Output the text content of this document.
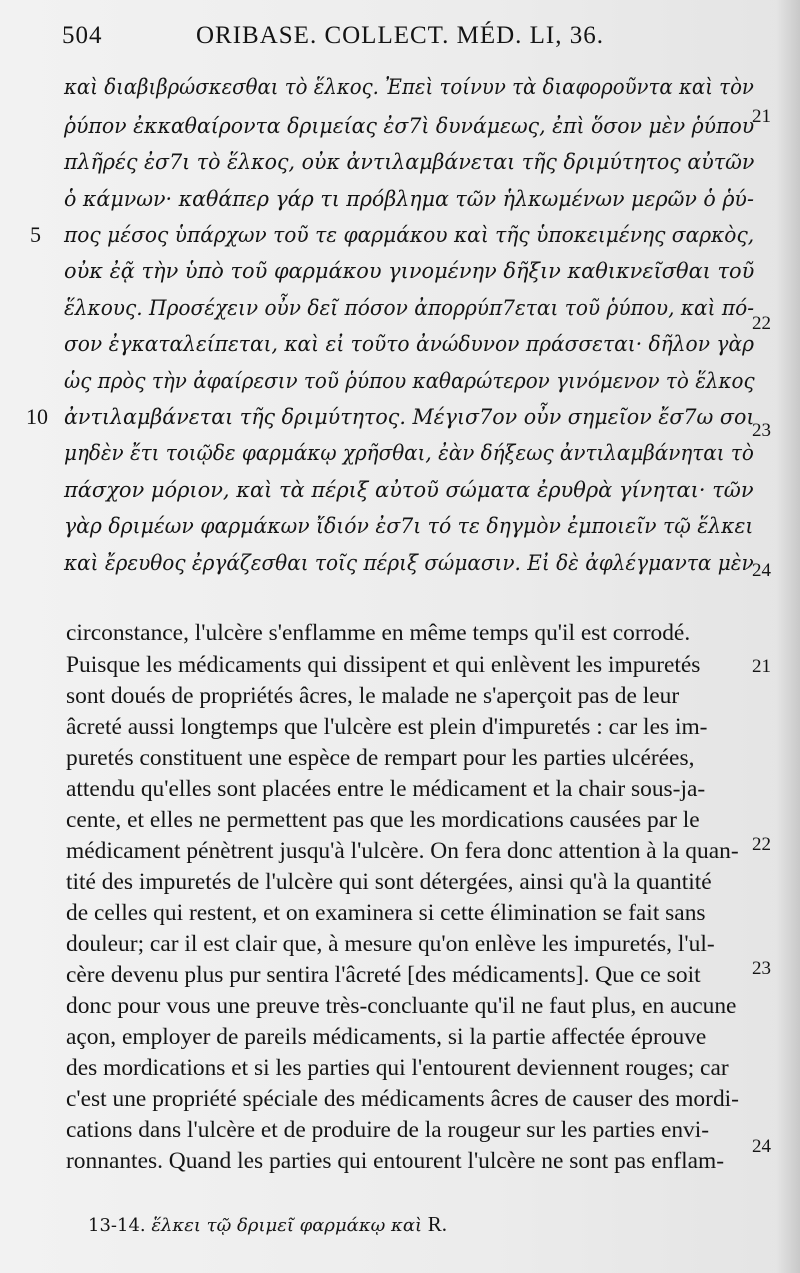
504	ORIBASE. COLLECT. MÉD. LI, 36.
καὶ διαβιβρώσκεσθαι τὸ ἕλκος. Ἐπεὶ τοίνυν τὰ διαφοροῦντα καὶ τὸν
ῥύπον ἐκκαθαίροντα δριμείας ἐσ7ὶ δυνάμεως, ἐπὶ ὅσον μὲν ῥύπου
πλῆρές ἐσ7ι τὸ ἕλκος, οὐκ ἀντιλαμβάνεται τῆς δριμύτητος αὐτῶν
ὁ κάμνων· καθάπερ γάρ τι πρόβλημα τῶν ἡλκωμένων μερῶν ὁ ῥύ-
πος μέσος ὑπάρχων τοῦ τε φαρμάκου καὶ τῆς ὑποκειμένης σαρκὸς,
οὐκ ἐᾷ τὴν ὑπὸ τοῦ φαρμάκου γινομένην δῆξιν καθικνεῖσθαι τοῦ
ἕλκους. Προσέχειν οὖν δεῖ πόσον ἀπορρύπ7εται τοῦ ῥύπου, καὶ πό-
σον ἐγκαταλείπεται, καὶ εἰ τοῦτο ἀνώδυνον πράσσεται· δῆλον γὰρ
ὡς πρὸς τὴν ἀφαίρεσιν τοῦ ῥύπου καθαρώτερον γινόμενον τὸ ἕλκος
ἀντιλαμβάνεται τῆς δριμύτητος. Μέγισ7ον οὖν σημεῖον ἔσ7ω σοι
μηδὲν ἔτι τοιῷδε φαρμάκῳ χρῆσθαι, ἐὰν δήξεως ἀντιλαμβάνηται τὸ
πάσχον μόριον, καὶ τὰ πέριξ αὐτοῦ σώματα ἐρυθρὰ γίνηται· τῶν
γὰρ δριμέων φαρμάκων ἴδιόν ἐσ7ι τό τε δηγμὸν ἐμποιεῖν τῷ ἕλκει
καὶ ἔρευθος ἐργάζεσθαι τοῖς πέριξ σώμασιν. Εἰ δὲ ἀφλέγμαντα μὲν
5
10
21
22
23
24
circonstance, l'ulcère s'enflamme en même temps qu'il est corrodé.
Puisque les médicaments qui dissipent et qui enlèvent les impuretés
sont doués de propriétés âcres, le malade ne s'aperçoit pas de leur
âcreté aussi longtemps que l'ulcère est plein d'impuretés : car les im-
puretés constituent une espèce de rempart pour les parties ulcérées,
attendu qu'elles sont placées entre le médicament et la chair sous-ja-
cente, et elles ne permettent pas que les mordications causées par le
médicament pénètrent jusqu'à l'ulcère. On fera donc attention à la quan-
tité des impuretés de l'ulcère qui sont détergées, ainsi qu'à la quantité
de celles qui restent, et on examinera si cette élimination se fait sans
douleur; car il est clair que, à mesure qu'on enlève les impuretés, l'ul-
cère devenu plus pur sentira l'âcreté [des médicaments]. Que ce soit
donc pour vous une preuve très-concluante qu'il ne faut plus, en aucune
açon, employer de pareils médicaments, si la partie affectée éprouve
des mordications et si les parties qui l'entourent deviennent rouges; car
c'est une propriété spéciale des médicaments âcres de causer des mordi-
cations dans l'ulcère et de produire de la rougeur sur les parties envi-
ronnantes. Quand les parties qui entourent l'ulcère ne sont pas enflam-
21
22
23
24
13-14. ἕλκει τῷ δριμεῖ φαρμάκῳ καὶ R.
